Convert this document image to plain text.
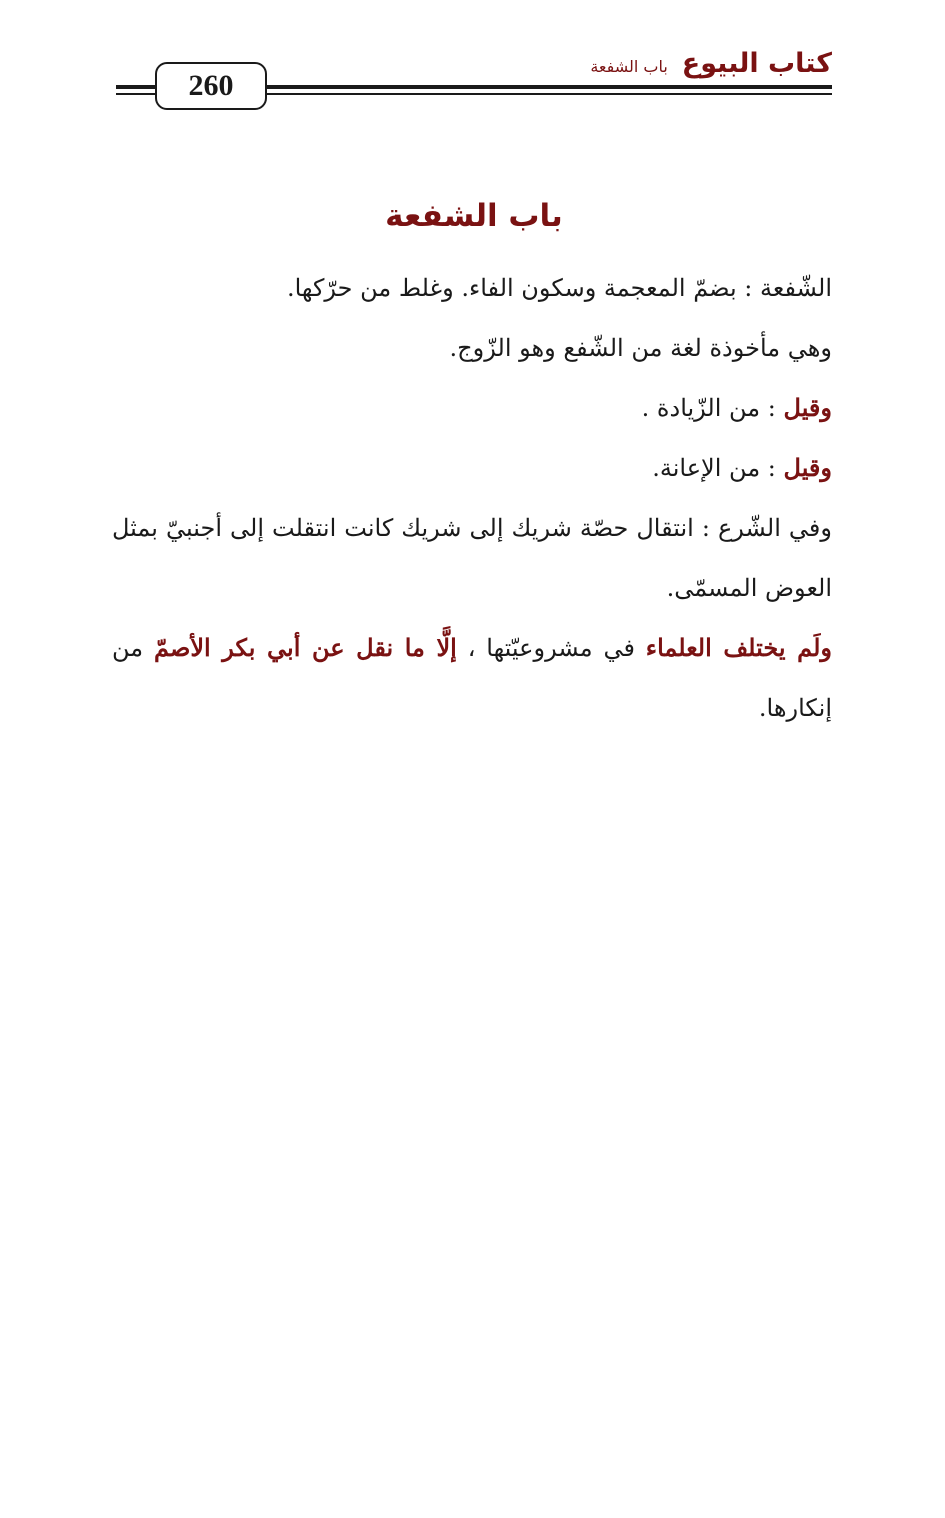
260
كتاب البيوع
باب الشفعة
باب الشفعة

الشّفعة : بضمّ المعجمة وسكون الفاء. وغلط من حرّكها.

وهي مأخوذة لغة من الشّفع وهو الزّوج.

وقيل : من الزّيادة .

وقيل : من الإعانة.

وفي الشّرع : انتقال حصّة شريك إلى شريك كانت انتقلت إلى أجنبيّ بمثل العوض المسمّى.

ولَم يختلف العلماء في مشروعيّتها ، إلَّا ما نقل عن أبي بكر الأصمّ من إنكارها.
